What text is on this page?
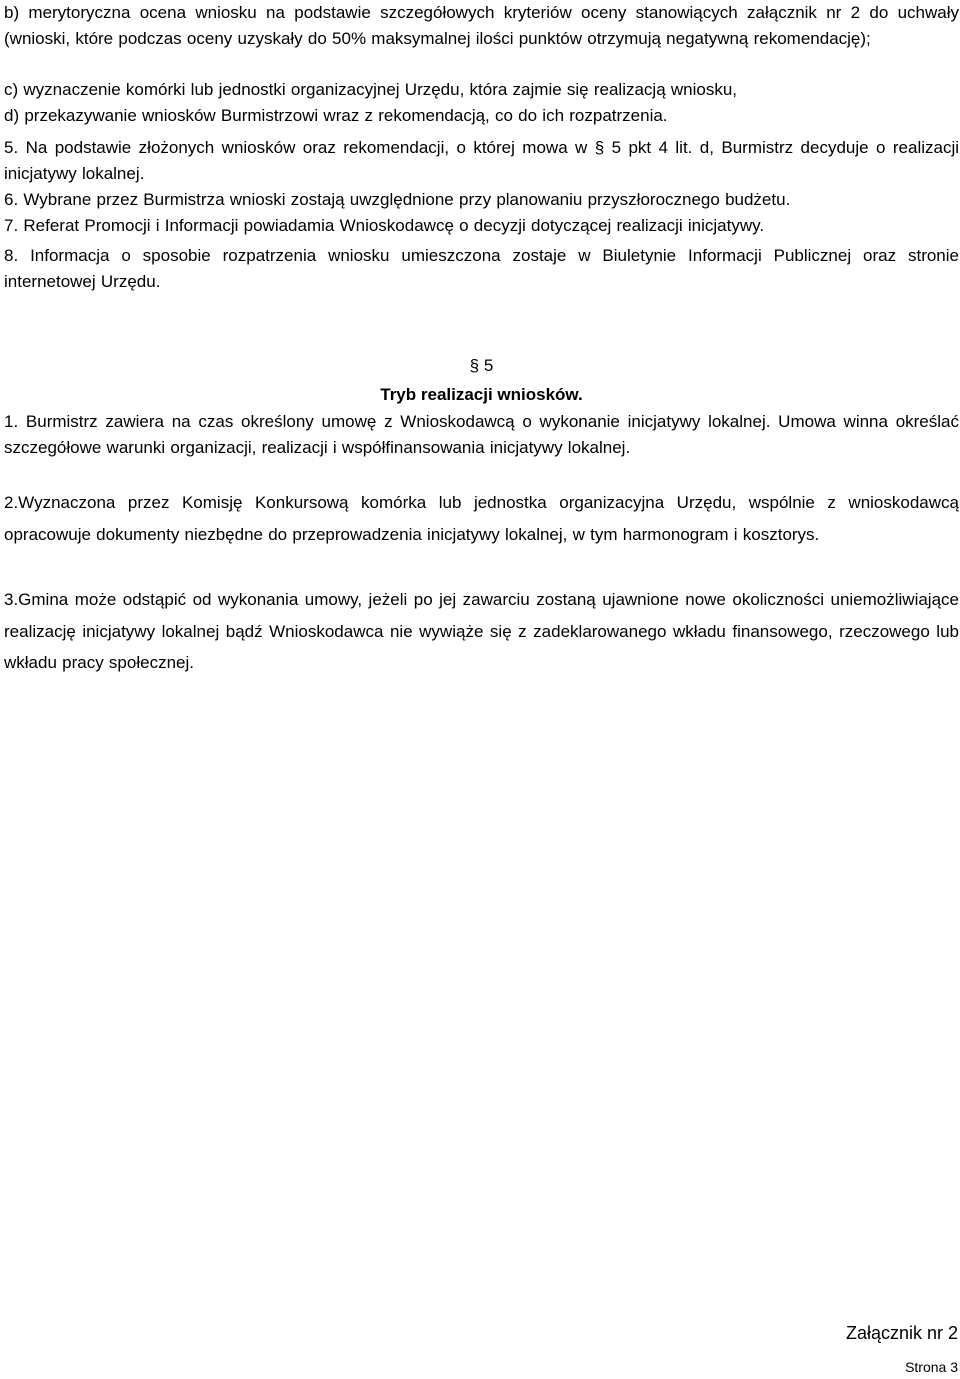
b) merytoryczna ocena wniosku na podstawie szczegółowych kryteriów oceny stanowiących załącznik nr 2 do uchwały (wnioski, które podczas oceny uzyskały do 50% maksymalnej ilości punktów otrzymują negatywną rekomendację);

c) wyznaczenie komórki lub jednostki organizacyjnej Urzędu, która zajmie się realizacją wniosku,

d) przekazywanie wniosków Burmistrzowi wraz z rekomendacją, co do ich rozpatrzenia.

5. Na podstawie złożonych wniosków oraz rekomendacji, o której mowa w § 5 pkt 4 lit. d, Burmistrz decyduje o realizacji inicjatywy lokalnej.

6. Wybrane przez Burmistrza wnioski zostają uwzględnione przy planowaniu przyszłorocznego budżetu.

7. Referat Promocji i Informacji powiadamia Wnioskodawcę o decyzji dotyczącej realizacji inicjatywy.

8. Informacja o sposobie rozpatrzenia wniosku umieszczona zostaje w Biuletynie Informacji Publicznej oraz stronie internetowej Urzędu.

§ 5

Tryb realizacji wniosków.

1. Burmistrz zawiera na czas określony umowę z Wnioskodawcą o wykonanie inicjatywy lokalnej. Umowa winna określać szczegółowe warunki organizacji, realizacji i współfinansowania inicjatywy lokalnej.

2.Wyznaczona przez Komisję Konkursową komórka lub jednostka organizacyjna Urzędu, wspólnie z wnioskodawcą opracowuje dokumenty niezbędne do przeprowadzenia inicjatywy lokalnej, w tym harmonogram i kosztorys.

3.Gmina może odstąpić od wykonania umowy, jeżeli po jej zawarciu zostaną ujawnione nowe okoliczności uniemożliwiające realizację inicjatywy lokalnej bądź Wnioskodawca nie wywiąże się z zadeklarowanego wkładu finansowego, rzeczowego lub wkładu pracy społecznej.

Załącznik nr 2

Strona 3
